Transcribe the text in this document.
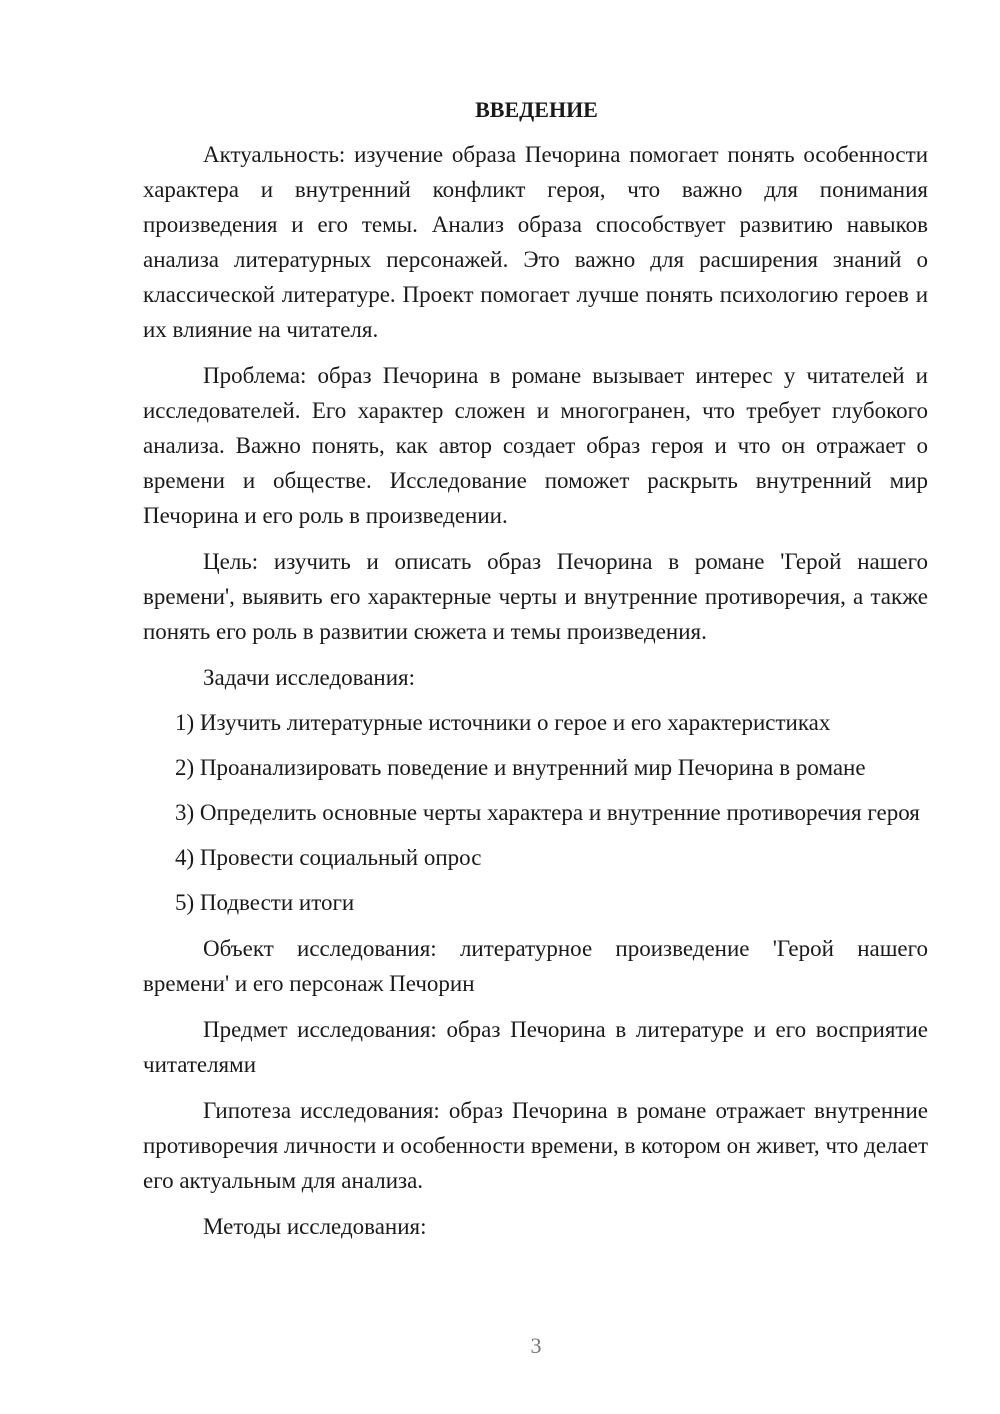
ВВЕДЕНИЕ

Актуальность: изучение образа Печорина помогает понять особенности характера и внутренний конфликт героя, что важно для понимания произведения и его темы. Анализ образа способствует развитию навыков анализа литературных персонажей. Это важно для расширения знаний о классической литературе. Проект помогает лучше понять психологию героев и их влияние на читателя.

Проблема: образ Печорина в романе вызывает интерес у читателей и исследователей. Его характер сложен и многогранен, что требует глубокого анализа. Важно понять, как автор создает образ героя и что он отражает о времени и обществе. Исследование поможет раскрыть внутренний мир Печорина и его роль в произведении.

Цель: изучить и описать образ Печорина в романе 'Герой нашего времени', выявить его характерные черты и внутренние противоречия, а также понять его роль в развитии сюжета и темы произведения.

Задачи исследования:

1) Изучить литературные источники о герое и его характеристиках

2) Проанализировать поведение и внутренний мир Печорина в романе

3) Определить основные черты характера и внутренние противоречия героя

4) Провести социальный опрос

5) Подвести итоги

Объект исследования: литературное произведение 'Герой нашего времени' и его персонаж Печорин

Предмет исследования: образ Печорина в литературе и его восприятие читателями

Гипотеза исследования: образ Печорина в романе отражает внутренние противоречия личности и особенности времени, в котором он живет, что делает его актуальным для анализа.

Методы исследования:

3
